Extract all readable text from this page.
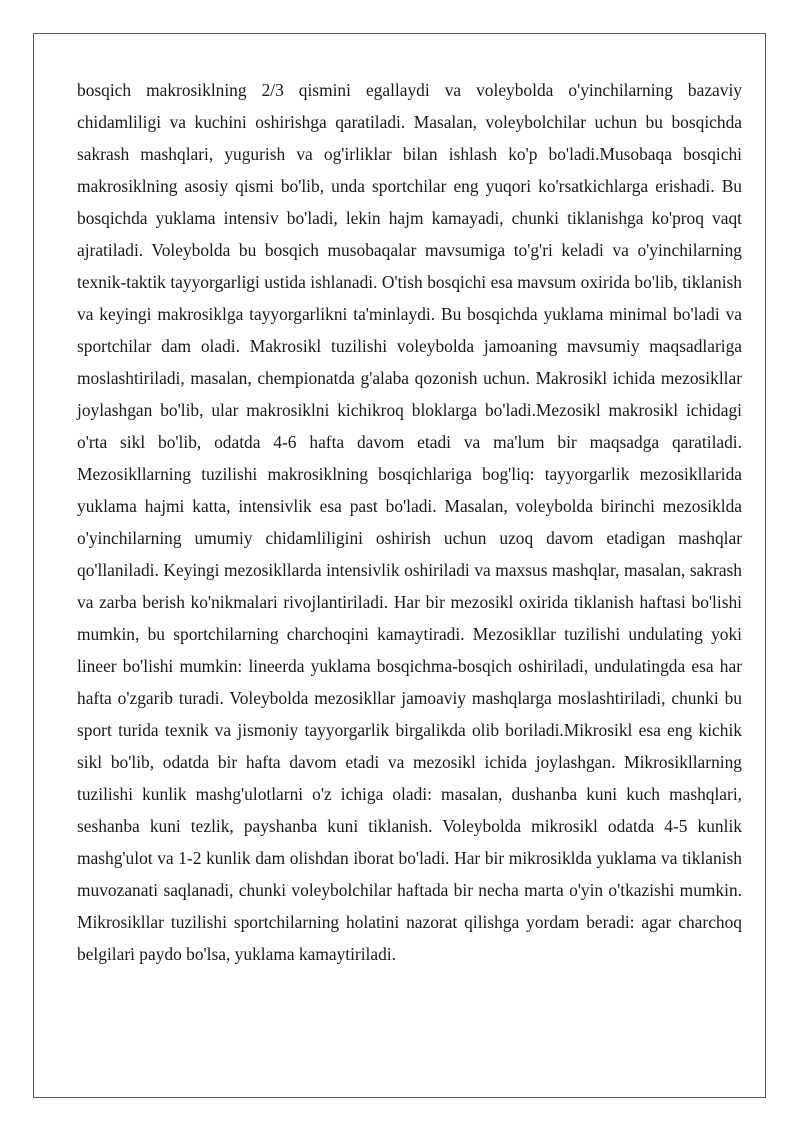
bosqich makrosiklning 2/3 qismini egallaydi va voleybolda o'yinchilarning bazaviy chidamliligi va kuchini oshirishga qaratiladi. Masalan, voleybolchilar uchun bu bosqichda sakrash mashqlari, yugurish va og'irliklar bilan ishlash ko'p bo'ladi.Musobaqa bosqichi makrosiklning asosiy qismi bo'lib, unda sportchilar eng yuqori ko'rsatkichlarga erishadi. Bu bosqichda yuklama intensiv bo'ladi, lekin hajm kamayadi, chunki tiklanishga ko'proq vaqt ajratiladi. Voleybolda bu bosqich musobaqalar mavsumiga to'g'ri keladi va o'yinchilarning texnik-taktik tayyorgarligi ustida ishlanadi. O'tish bosqichi esa mavsum oxirida bo'lib, tiklanish va keyingi makrosiklga tayyorgarlikni ta'minlaydi. Bu bosqichda yuklama minimal bo'ladi va sportchilar dam oladi. Makrosikl tuzilishi voleybolda jamoaning mavsumiy maqsadlariga moslashtiriladi, masalan, chempionatda g'alaba qozonish uchun. Makrosikl ichida mezosikllar joylashgan bo'lib, ular makrosiklni kichikroq bloklarga bo'ladi.Mezosikl makrosikl ichidagi o'rta sikl bo'lib, odatda 4-6 hafta davom etadi va ma'lum bir maqsadga qaratiladi. Mezosikllarning tuzilishi makrosiklning bosqichlariga bog'liq: tayyorgarlik mezosikllarida yuklama hajmi katta, intensivlik esa past bo'ladi. Masalan, voleybolda birinchi mezosiklda o'yinchilarning umumiy chidamliligini oshirish uchun uzoq davom etadigan mashqlar qo'llaniladi. Keyingi mezosikllarda intensivlik oshiriladi va maxsus mashqlar, masalan, sakrash va zarba berish ko'nikmalari rivojlantiriladi. Har bir mezosikl oxirida tiklanish haftasi bo'lishi mumkin, bu sportchilarning charchoqini kamaytiradi. Mezosikllar tuzilishi undulating yoki lineer bo'lishi mumkin: lineerda yuklama bosqichma-bosqich oshiriladi, undulatingda esa har hafta o'zgarib turadi. Voleybolda mezosikllar jamoaviy mashqlarga moslashtiriladi, chunki bu sport turida texnik va jismoniy tayyorgarlik birgalikda olib boriladi.Mikrosikl esa eng kichik sikl bo'lib, odatda bir hafta davom etadi va mezosikl ichida joylashgan. Mikrosikllarning tuzilishi kunlik mashg'ulotlarni o'z ichiga oladi: masalan, dushanba kuni kuch mashqlari, seshanba kuni tezlik, payshanba kuni tiklanish. Voleybolda mikrosikl odatda 4-5 kunlik mashg'ulot va 1-2 kunlik dam olishdan iborat bo'ladi. Har bir mikrosiklda yuklama va tiklanish muvozanati saqlanadi, chunki voleybolchilar haftada bir necha marta o'yin o'tkazishi mumkin. Mikrosikllar tuzilishi sportchilarning holatini nazorat qilishga yordam beradi: agar charchoq belgilari paydo bo'lsa, yuklama kamaytiriladi.
